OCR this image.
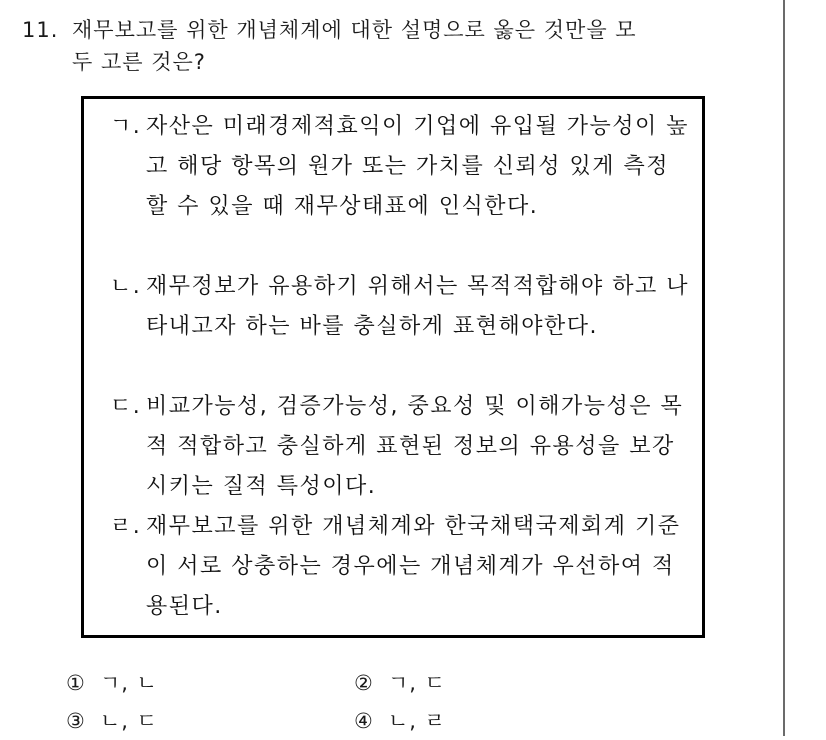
11. 재무보고를 위한 개념체계에 대한 설명으로 옳은 것만을 모
두 고른 것은?
ㄱ. 자산은 미래경제적효익이 기업에 유입될 가능성이 높고 해당 항목의 원가 또는 가치를 신뢰성 있게 측정할 수 있을 때 재무상태표에 인식한다.
ㄴ. 재무정보가 유용하기 위해서는 목적적합해야 하고 나타내고자 하는 바를 충실하게 표현해야한다.
ㄷ. 비교가능성, 검증가능성, 중요성 및 이해가능성은 목적 적합하고 충실하게 표현된 정보의 유용성을 보강시키는 질적 특성이다.
ㄹ. 재무보고를 위한 개념체계와 한국채택국제회계 기준 이 서로 상충하는 경우에는 개념체계가 우선하여 적용된다.
① ㄱ, ㄴ	② ㄱ, ㄷ
③ ㄴ, ㄷ	④ ㄴ, ㄹ
